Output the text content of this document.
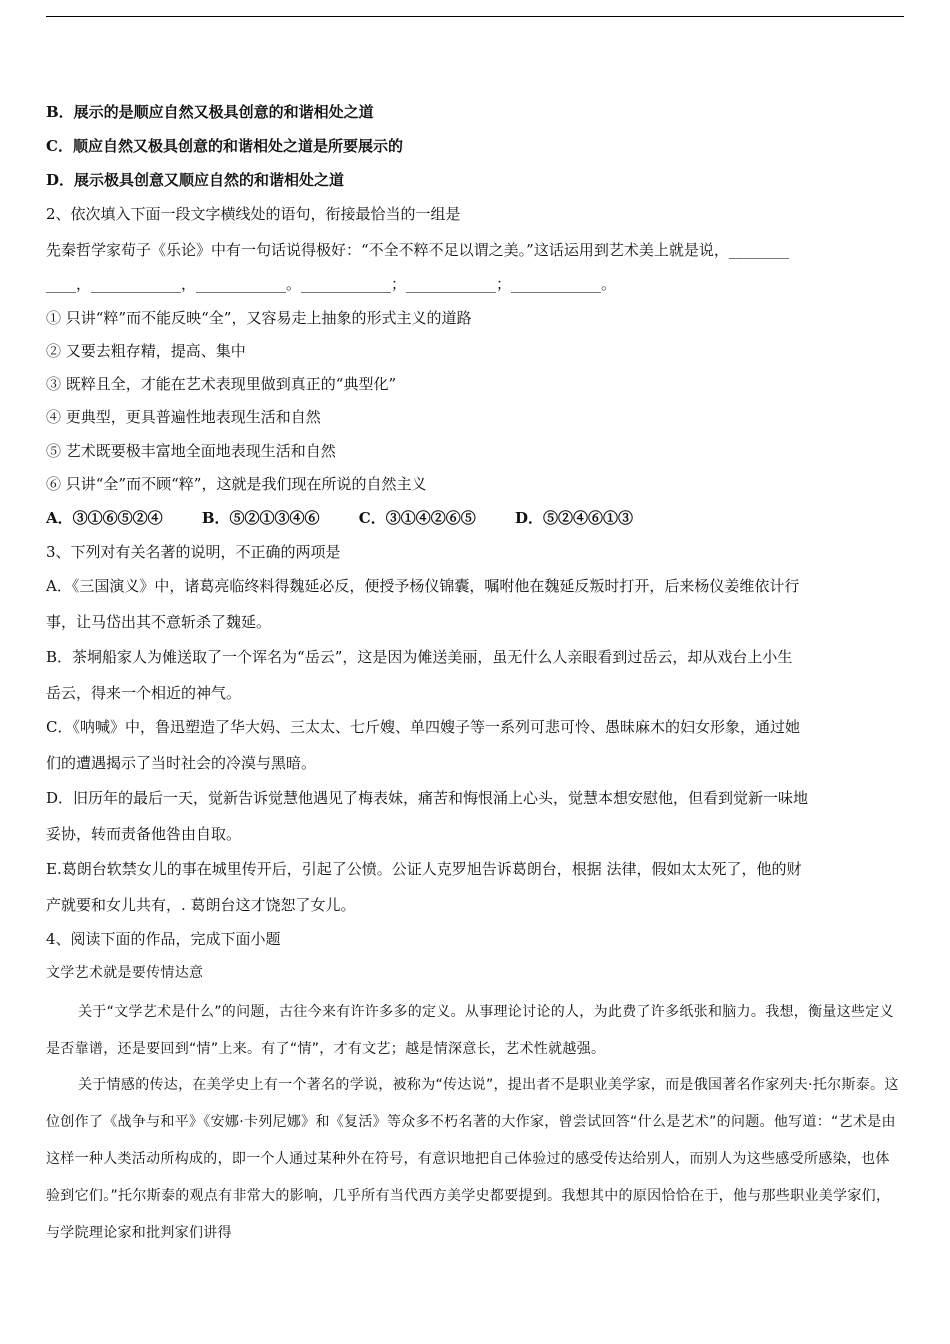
B．展示的是顺应自然又极具创意的和谐相处之道
C．顺应自然又极具创意的和谐相处之道是所要展示的
D．展示极具创意又顺应自然的和谐相处之道
2、依次填入下面一段文字横线处的语句，衔接最恰当的一组是
先秦哲学家荀子《乐论》中有一句话说得极好：“不全不粹不足以谓之美。”这话运用到艺术美上就是说，________
____，____________，____________。____________；____________；____________。
① 只讲“粹”而不能反映“全”，又容易走上抽象的形式主义的道路
② 又要去粗存精，提高、集中
③ 既粹且全，才能在艺术表现里做到真正的“典型化”
④ 更典型，更具普遍性地表现生活和自然
⑤ 艺术既要极丰富地全面地表现生活和自然
⑥ 只讲“全”而不顾“粹”，这就是我们现在所说的自然主义
A．③①⑥⑤②④	B．⑤②①③④⑥	C．③①④②⑥⑤	D．⑤②④⑥①③
3、下列对有关名著的说明，不正确的两项是
A．《三国演义》中，诸葛亮临终料得魏延必反，便授予杨仪锦囊，嘱咐他在魏延反叛时打开，后来杨仪姜维依计行
事，让马岱出其不意斩杀了魏延。
B．茶垌船家人为傩送取了一个诨名为“岳云”，这是因为傩送美丽，虽无什么人亲眼看到过岳云，却从戏台上小生
岳云，得来一个相近的神气。
C．《呐喊》中，鲁迅塑造了华大妈、三太太、七斤嫂、单四嫂子等一系列可悲可怜、愚昧麻木的妇女形象，通过她
们的遭遇揭示了当时社会的冷漠与黑暗。
D．旧历年的最后一天，觉新告诉觉慧他遇见了梅表妹，痛苦和悔恨涌上心头，觉慧本想安慰他，但看到觉新一味地
妥协，转而责备他咎由自取。
E.葛朗台软禁女儿的事在城里传开后，引起了公愤。公证人克罗旭告诉葛朗台，根据 法律，假如太太死了，他的财
产就要和女儿共有，. 葛朗台这才饶恕了女儿。
4、阅读下面的作品，完成下面小题
文学艺术就是要传情达意
关于“文学艺术是什么”的问题，古往今来有许许多多的定义。从事理论讨论的人，为此费了许多纸张和脑力。我想，衡量这些定义是否靠谱，还是要回到“情”上来。有了“情”，才有文艺；越是情深意长，艺术性就越强。
关于情感的传达，在美学史上有一个著名的学说，被称为“传达说”，提出者不是职业美学家，而是俄国著名作家列夫·托尔斯泰。这位创作了《战争与和平》《安娜·卡列尼娜》和《复活》等众多不朽名著的大作家，曾尝试回答“什么是艺术”的问题。他写道：“艺术是由这样一种人类活动所构成的，即一个人通过某种外在符号，有意识地把自己体验过的感受传达给别人，而别人为这些感受所感染，也体验到它们。”托尔斯泰的观点有非常大的影响，几乎所有当代西方美学史都要提到。我想其中的原因恰恰在于，他与那些职业美学家们，与学院理论家和批判家们讲得
